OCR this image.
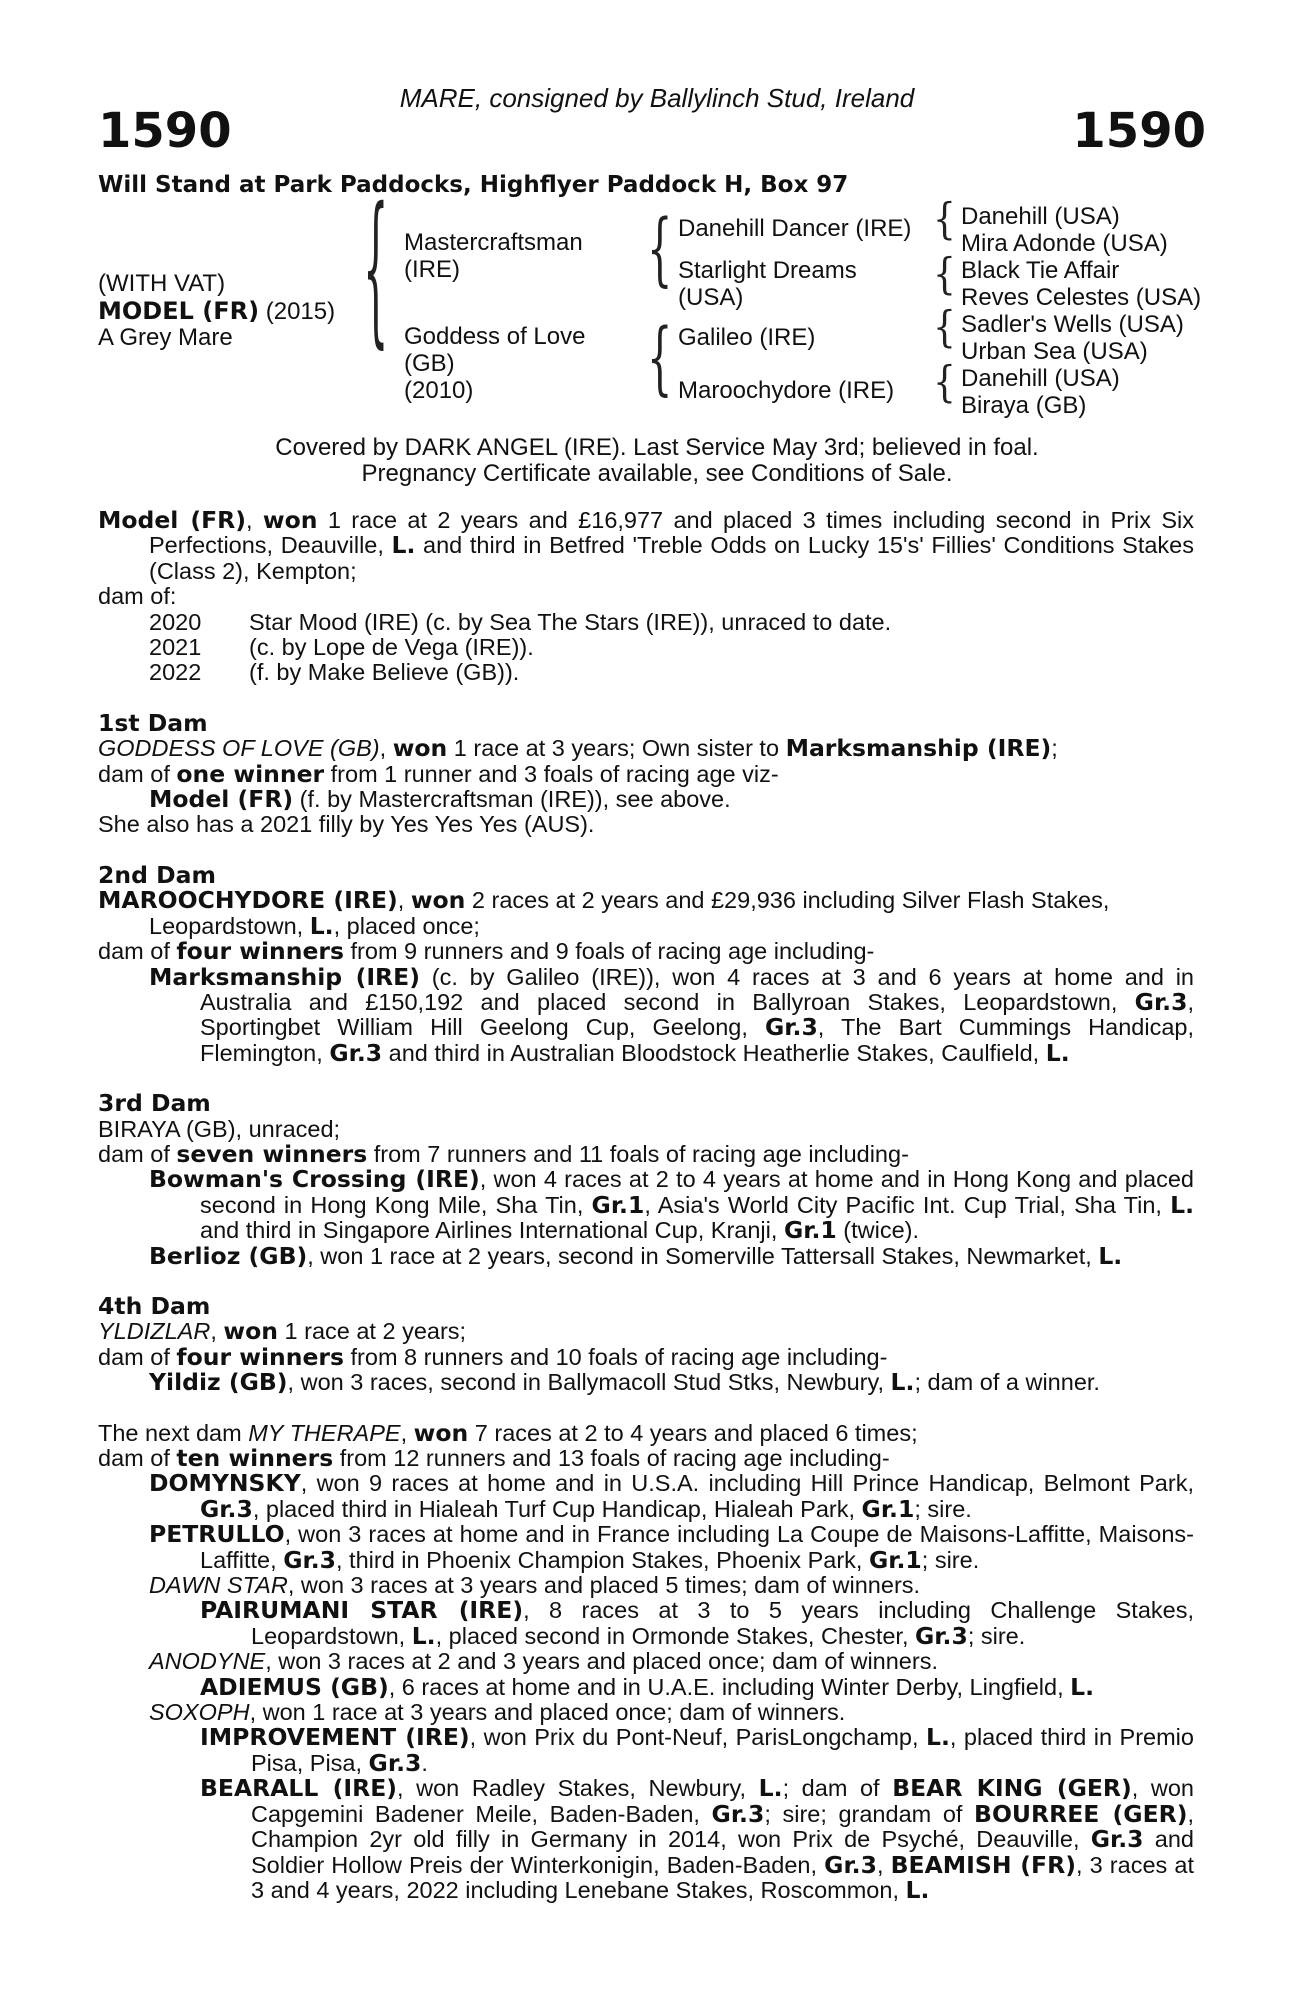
MARE, consigned by Ballylinch Stud, Ireland
1590	1590
Will Stand at Park Paddocks, Highflyer Paddock H, Box 97
(WITH VAT)
MODEL (FR) (2015)
A Grey Mare	{ Mastercraftsman
(IRE)
Goddess of Love
(GB)
(2010)
{
{
Danehill Dancer (IRE)
Starlight Dreams
(USA)
Galileo (IRE)
Maroochydore (IRE)
{
{
{
{
Danehill (USA)
Mira Adonde (USA)
Black Tie Affair
Reves Celestes (USA)
Sadler's Wells (USA)
Urban Sea (USA)
Danehill (USA)
Biraya (GB)
Covered by DARK ANGEL (IRE). Last Service May 3rd; believed in foal.
Pregnancy Certificate available, see Conditions of Sale.

Model (FR), won 1 race at 2 years and £16,977 and placed 3 times including second in Prix Six Perfections, Deauville, L. and third in Betfred 'Treble Odds on Lucky 15's' Fillies' Conditions Stakes (Class 2), Kempton;

dam of:

2020 Star Mood (IRE) (c. by Sea The Stars (IRE)), unraced to date.

2021 (c. by Lope de Vega (IRE)).

2022 (f. by Make Believe (GB)).

1st Dam

GODDESS OF LOVE (GB), won 1 race at 3 years; Own sister to Marksmanship (IRE);

dam of one winner from 1 runner and 3 foals of racing age viz-

Model (FR) (f. by Mastercraftsman (IRE)), see above.

She also has a 2021 filly by Yes Yes Yes (AUS).

2nd Dam

MAROOCHYDORE (IRE), won 2 races at 2 years and £29,936 including Silver Flash Stakes, Leopardstown, L., placed once;

dam of four winners from 9 runners and 9 foals of racing age including-

Marksmanship (IRE) (c. by Galileo (IRE)), won 4 races at 3 and 6 years at home and in Australia and £150,192 and placed second in Ballyroan Stakes, Leopardstown, Gr.3, Sportingbet William Hill Geelong Cup, Geelong, Gr.3, The Bart Cummings Handicap, Flemington, Gr.3 and third in Australian Bloodstock Heatherlie Stakes, Caulfield, L.

3rd Dam

BIRAYA (GB), unraced;

dam of seven winners from 7 runners and 11 foals of racing age including-

Bowman's Crossing (IRE), won 4 races at 2 to 4 years at home and in Hong Kong and placed second in Hong Kong Mile, Sha Tin, Gr.1, Asia's World City Pacific Int. Cup Trial, Sha Tin, L. and third in Singapore Airlines International Cup, Kranji, Gr.1 (twice).

Berlioz (GB), won 1 race at 2 years, second in Somerville Tattersall Stakes, Newmarket, L.

4th Dam

YLDIZLAR, won 1 race at 2 years;

dam of four winners from 8 runners and 10 foals of racing age including-

Yildiz (GB), won 3 races, second in Ballymacoll Stud Stks, Newbury, L.; dam of a winner.

The next dam MY THERAPE, won 7 races at 2 to 4 years and placed 6 times;

dam of ten winners from 12 runners and 13 foals of racing age including-

DOMYNSKY, won 9 races at home and in U.S.A. including Hill Prince Handicap, Belmont Park, Gr.3, placed third in Hialeah Turf Cup Handicap, Hialeah Park, Gr.1; sire.

PETRULLO, won 3 races at home and in France including La Coupe de Maisons-Laffitte, Maisons-Laffitte, Gr.3, third in Phoenix Champion Stakes, Phoenix Park, Gr.1; sire.

DAWN STAR, won 3 races at 3 years and placed 5 times; dam of winners.

PAIRUMANI STAR (IRE), 8 races at 3 to 5 years including Challenge Stakes, Leopardstown, L., placed second in Ormonde Stakes, Chester, Gr.3; sire.

ANODYNE, won 3 races at 2 and 3 years and placed once; dam of winners.

ADIEMUS (GB), 6 races at home and in U.A.E. including Winter Derby, Lingfield, L.

SOXOPH, won 1 race at 3 years and placed once; dam of winners.

IMPROVEMENT (IRE), won Prix du Pont-Neuf, ParisLongchamp, L., placed third in Premio Pisa, Pisa, Gr.3.

BEARALL (IRE), won Radley Stakes, Newbury, L.; dam of BEAR KING (GER), won Capgemini Badener Meile, Baden-Baden, Gr.3; sire; grandam of BOURREE (GER), Champion 2yr old filly in Germany in 2014, won Prix de Psyché, Deauville, Gr.3 and Soldier Hollow Preis der Winterkonigin, Baden-Baden, Gr.3, BEAMISH (FR), 3 races at 3 and 4 years, 2022 including Lenebane Stakes, Roscommon, L.
